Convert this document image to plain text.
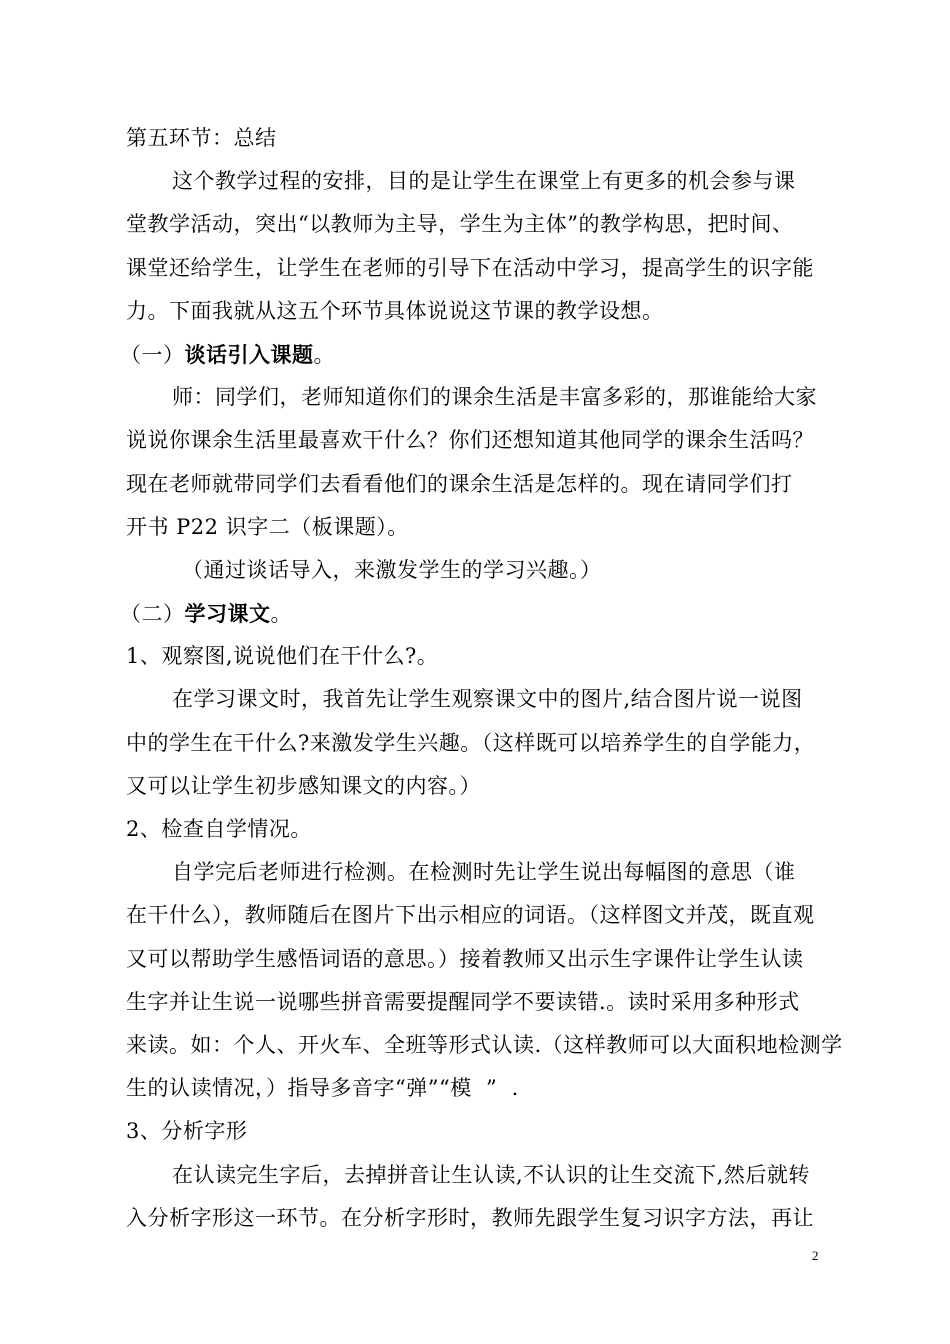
第五环节：总结
这个教学过程的安排，目的是让学生在课堂上有更多的机会参与课
堂教学活动，突出“以教师为主导，学生为主体”的教学构思，把时间、
课堂还给学生，让学生在老师的引导下在活动中学习，提高学生的识字能
力。下面我就从这五个环节具体说说这节课的教学设想。
（一）谈话引入课题。
师：同学们，老师知道你们的课余生活是丰富多彩的，那谁能给大家
说说你课余生活里最喜欢干什么？你们还想知道其他同学的课余生活吗？
现在老师就带同学们去看看他们的课余生活是怎样的。现在请同学们打
开书 P22 识字二（板课题）。
（通过谈话导入，来激发学生的学习兴趣。）
（二）学习课文。
1、观察图,说说他们在干什么?。
在学习课文时，我首先让学生观察课文中的图片,结合图片说一说图
中的学生在干什么?来激发学生兴趣。（这样既可以培养学生的自学能力，
又可以让学生初步感知课文的内容。）
2、检查自学情况。
自学完后老师进行检测。在检测时先让学生说出每幅图的意思（谁
在干什么），教师随后在图片下出示相应的词语。（这样图文并茂，既直观
又可以帮助学生感悟词语的意思。）接着教师又出示生字课件让学生认读
生字并让生说一说哪些拼音需要提醒同学不要读错.。读时采用多种形式
来读。如：个人、开火车、全班等形式认读.（这样教师可以大面积地检测学
生的认读情况，）指导多音字“弹”“模  ”  .
3、分析字形
在认读完生字后，去掉拼音让生认读,不认识的让生交流下,然后就转
入分析字形这一环节。在分析字形时，教师先跟学生复习识字方法，再让
2
